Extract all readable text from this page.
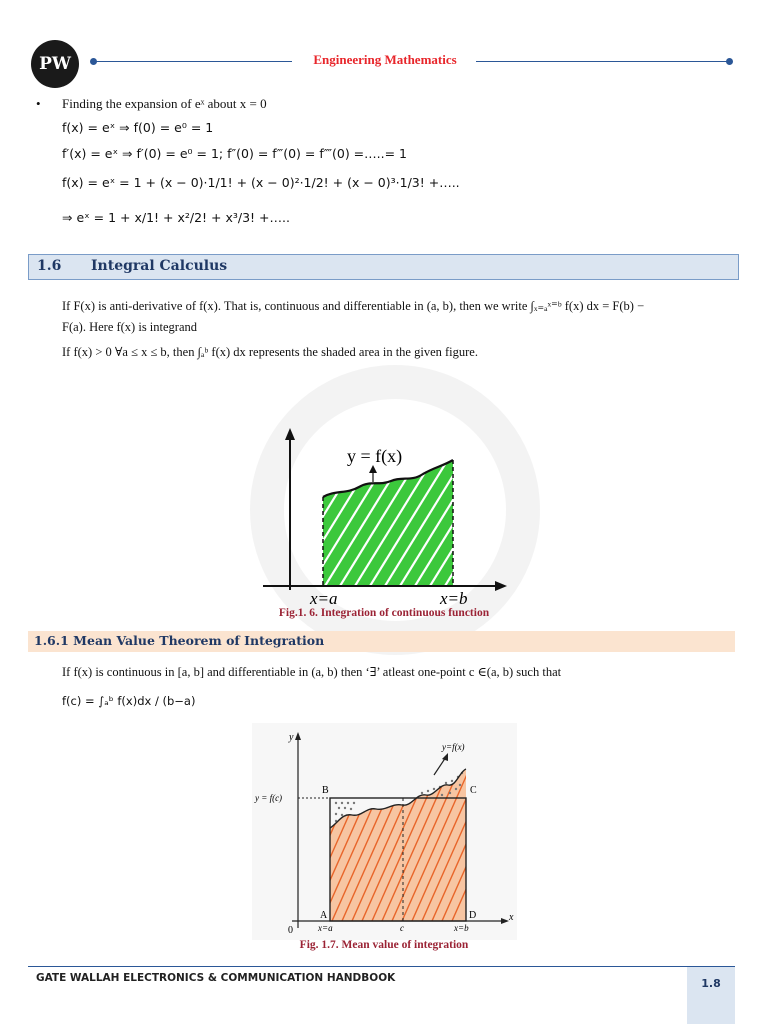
PW	Engineering Mathematics
• Finding the expansion of eˣ about x = 0
f(x) = eˣ ⇒ f(0) = e⁰ = 1
f′(x) = eˣ ⇒ f′(0) = e⁰ = 1; f″(0) = f‴(0) = f⁗(0) =…..= 1
f(x) = eˣ = 1 + (x − 0)·1/1! + (x − 0)²·1/2! + (x − 0)³·1/3! +…..
⇒ eˣ = 1 + x/1! + x²/2! + x³/3! +…..
1.6 Integral Calculus
If F(x) is anti-derivative of f(x). That is, continuous and differentiable in (a, b), then we write ∫ₓ₌ₐˣ⁼ᵇ f(x) dx = F(b) −
F(a). Here f(x) is integrand
If f(x) > 0 ∀a ≤ x ≤ b, then ∫ₐᵇ f(x) dx represents the shaded area in the given figure.
y = f(x)
x=a	x=b
Fig.1. 6. Integration of continuous function
1.6.1 Mean Value Theorem of Integration
If f(x) is continuous in [a, b] and differentiable in (a, b) then ‘∃’ atleast one-point c ∈(a, b) such that
f(c) = ∫ₐᵇ f(x)dx / (b−a)
y
x
y=f(x)
y = f(c)
B	C
A	D
0	x=a	c	x=b
Fig. 1.7. Mean value of integration
GATE WALLAH ELECTRONICS & COMMUNICATION HANDBOOK	1.8
